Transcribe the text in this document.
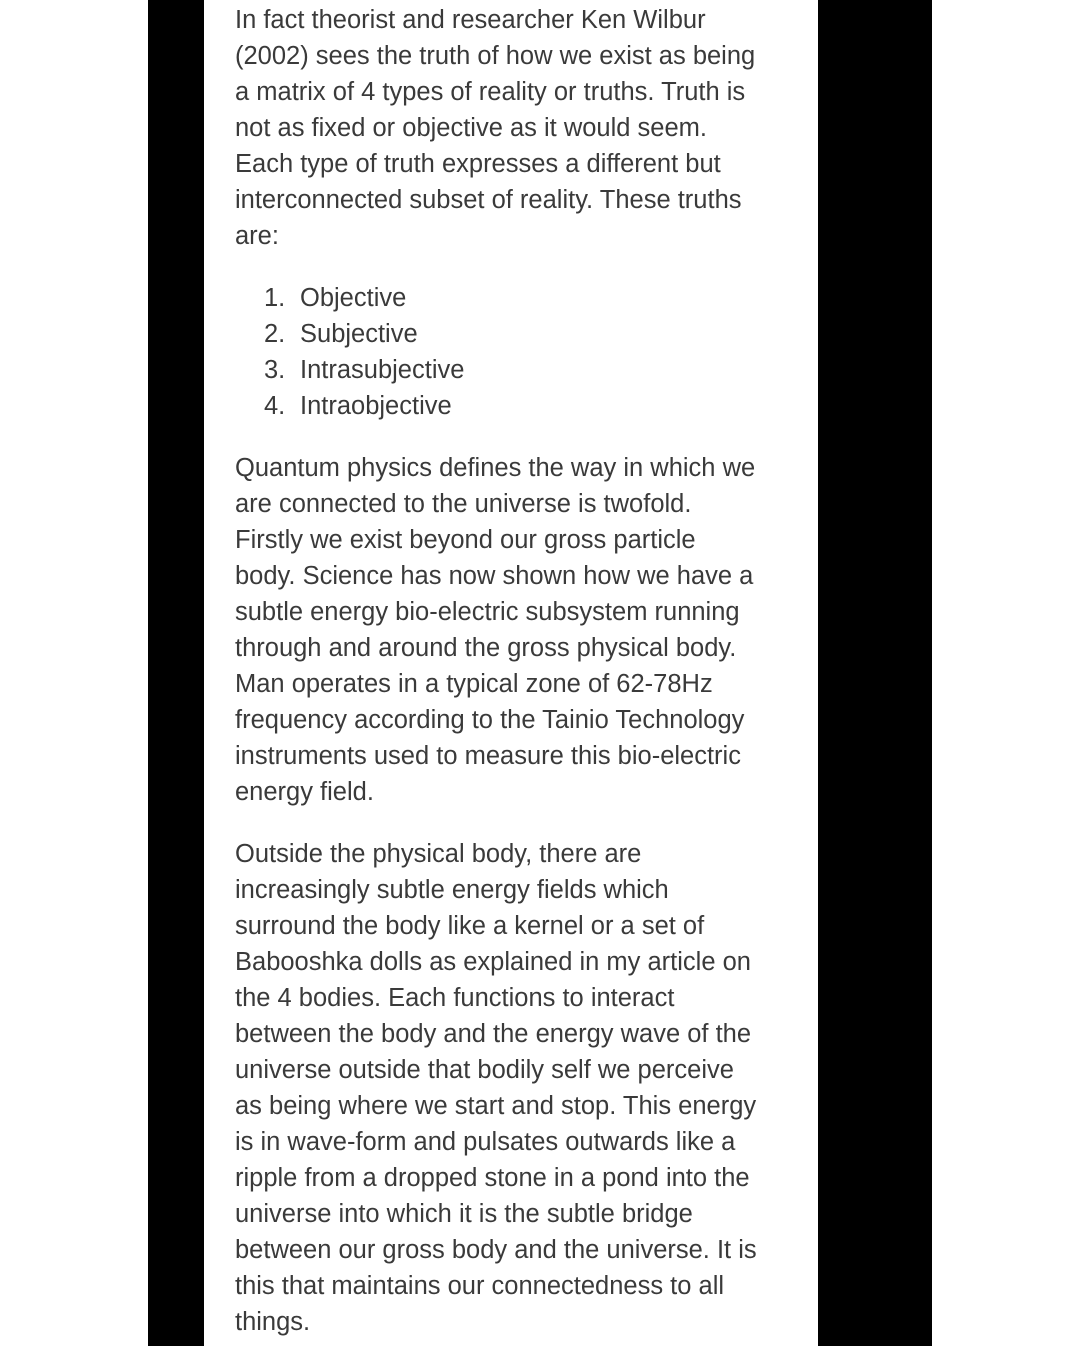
In fact theorist and researcher Ken Wilbur
(2002) sees the truth of how we exist as being
a matrix of 4 types of reality or truths. Truth is
not as fixed or objective as it would seem.
Each type of truth expresses a different but
interconnected subset of reality. These truths
are:

1. Objective
2. Subjective
3. Intrasubjective
4. Intraobjective

Quantum physics defines the way in which we
are connected to the universe is twofold.
Firstly we exist beyond our gross particle
body. Science has now shown how we have a
subtle energy bio-electric subsystem running
through and around the gross physical body.
Man operates in a typical zone of 62-78Hz
frequency according to the Tainio Technology
instruments used to measure this bio-electric
energy field.

Outside the physical body, there are
increasingly subtle energy fields which
surround the body like a kernel or a set of
Babooshka dolls as explained in my article on
the 4 bodies. Each functions to interact
between the body and the energy wave of the
universe outside that bodily self we perceive
as being where we start and stop. This energy
is in wave-form and pulsates outwards like a
ripple from a dropped stone in a pond into the
universe into which it is the subtle bridge
between our gross body and the universe. It is
this that maintains our connectedness to all
things.
